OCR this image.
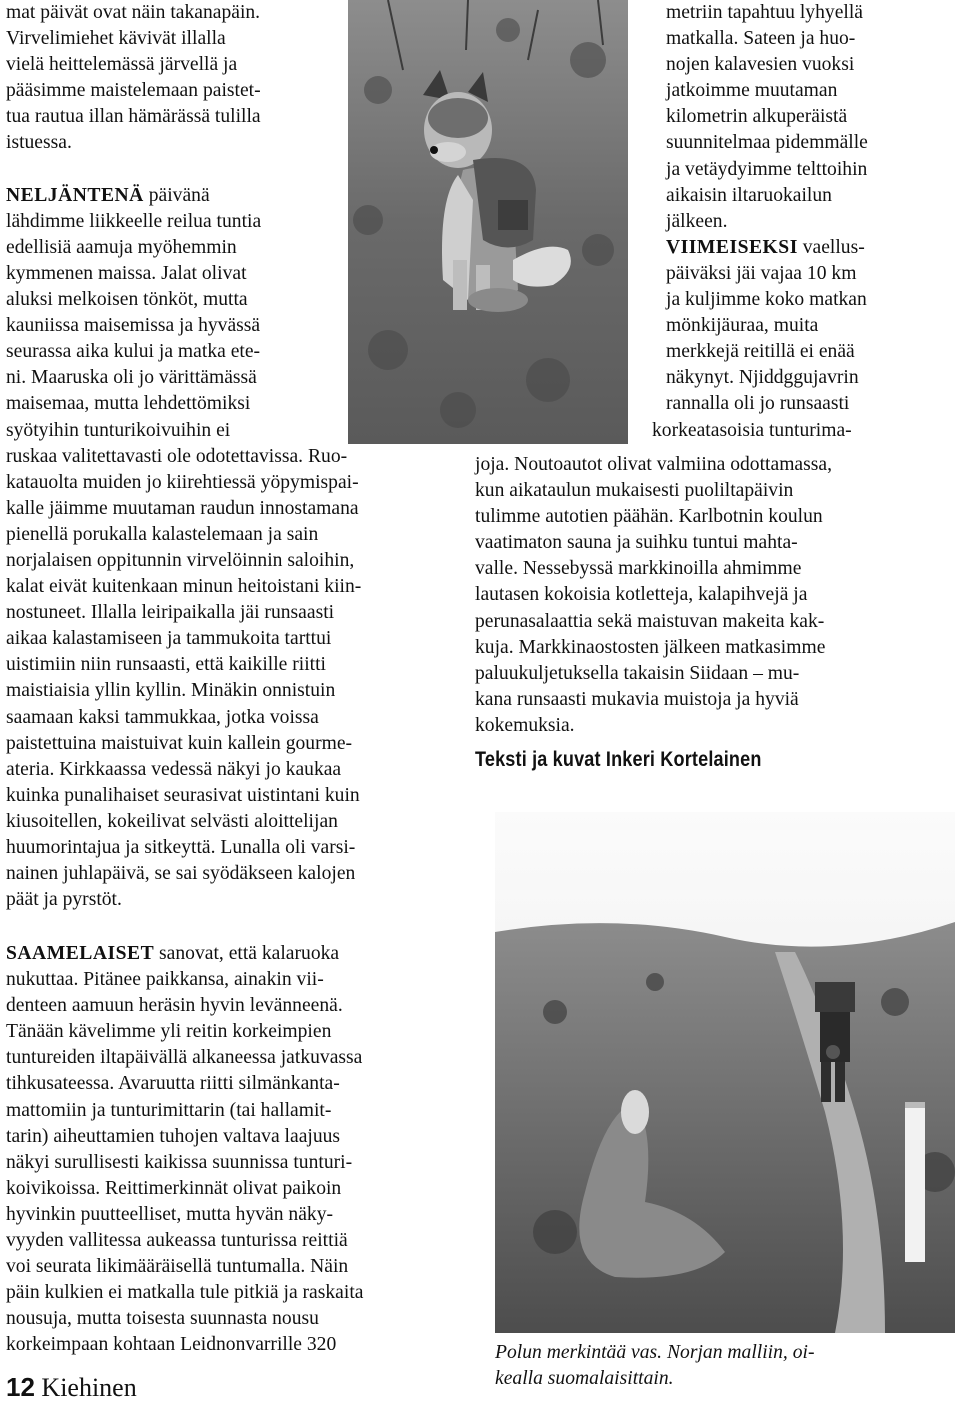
mat päivät ovat näin takanapäin.
Virvelimiehet kävivät illalla
vielä heittelemässä järvellä ja
pääsimme maistelemaan paistet-
tua rautua illan hämärässä tulilla
istuessa.
NELJÄNTENÄ päivänä
lähdimme liikkeelle reilua tuntia
edellisiä aamuja myöhemmin
kymmenen maissa. Jalat olivat
aluksi melkoisen tönköt, mutta
kauniissa maisemissa ja hyvässä
seurassa aika kului ja matka ete-
ni. Maaruska oli jo värittämässä
maisemaa, mutta lehdettömiksi
syötyihin tunturikoivuihin ei
ruskaa valitettavasti ole odotettavissa. Ruo-
katauolta muiden jo kiirehtiessä yöpymispai-
kalle jäimme muutaman raudun innostamana
pienellä porukalla kalastelemaan ja sain
norjalaisen oppitunnin virvelöinnin saloihin,
kalat eivät kuitenkaan minun heitoistani kiin-
nostuneet. Illalla leiripaikalla jäi runsaasti
aikaa kalastamiseen ja tammukoita tarttui
uistimiin niin runsaasti, että kaikille riitti
maistiaisia yllin kyllin. Minäkin onnistuin
saamaan kaksi tammukkaa, jotka voissa
paistettuina maistuivat kuin kallein gourme-
ateria. Kirkkaassa vedessä näkyi jo kaukaa
kuinka punalihaiset seurasivat uistintani kuin
kiusoitellen, kokeilivat selvästi aloittelijan
huumorintajua ja sitkeyttä. Lunalla oli varsi-
nainen juhlapäivä, se sai syödäkseen kalojen
päät ja pyrstöt.
SAAMELAISET sanovat, että kalaruoka
nukuttaa. Pitänee paikkansa, ainakin vii-
denteen aamuun heräsin hyvin levänneenä.
Tänään kävelimme yli reitin korkeimpien
tuntureiden iltapäivällä alkaneessa jatkuvassa
tihkusateessa. Avaruutta riitti silmänkanta-
mattomiin ja tunturimittarin (tai hallamit-
tarin) aiheuttamien tuhojen valtava laajuus
näkyi surullisesti kaikissa suunnissa tunturi-
koivikoissa. Reittimerkinnät olivat paikoin
hyvinkin puutteelliset, mutta hyvän näky-
vyyden vallitessa aukeassa tunturissa reittiä
voi seurata likimääräisellä tuntumalla. Näin
päin kulkien ei matkalla tule pitkiä ja raskaita
nousuja, mutta toisesta suunnasta nousu
korkeimpaan kohtaan Leidnonvarrille 320
metriin tapahtuu lyhyellä
matkalla. Sateen ja huo-
nojen kalavesien vuoksi
jatkoimme muutaman
kilometrin alkuperäistä
suunnitelmaa pidemmälle
ja vetäydyimme telttoihin
aikaisin iltaruokailun
jälkeen.
VIIMEISEKSI vaellus-
päiväksi jäi vajaa 10 km
ja kuljimme koko matkan
mönkijäuraa, muita
merkkejä reitillä ei enää
näkynyt. Njiddggujavrin
rannalla oli jo runsaasti
korkeatasoisia tunturima-
joja. Noutoautot olivat valmiina odottamassa,
kun aikataulun mukaisesti puoliltapäivin
tulimme autotien päähän. Karlbotnin koulun
vaatimaton sauna ja suihku tuntui mahta-
valle. Nessebyssä markkinoilla ahmimme
lautasen kokoisia kotletteja, kalapihvejä ja
perunasalaattia sekä maistuvan makeita kak-
kuja. Markkinaostosten jälkeen matkasimme
paluukuljetuksella takaisin Siidaan – mu-
kana runsaasti mukavia muistoja ja hyviä
kokemuksia.
Teksti ja kuvat Inkeri Kortelainen
Polun merkintää vas. Norjan malliin, oi-
kealla suomalaisittain.
12 Kiehinen
